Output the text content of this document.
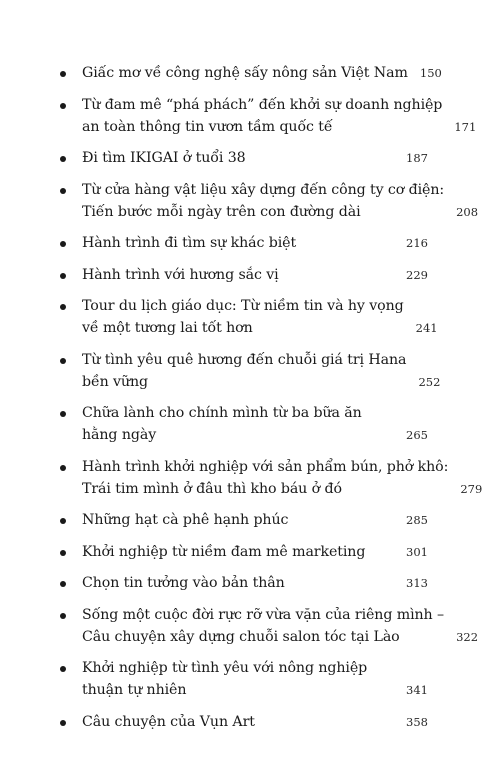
Giấc mơ về công nghệ sấy nông sản Việt Nam	150
Từ đam mê “phá phách” đến khởi sự doanh nghiệp
an toàn thông tin vươn tầm quốc tế	171
Đi tìm IKIGAI ở tuổi 38	187
Từ cửa hàng vật liệu xây dựng đến công ty cơ điện:
Tiến bước mỗi ngày trên con đường dài	208
Hành trình đi tìm sự khác biệt	216
Hành trình với hương sắc vị	229
Tour du lịch giáo dục: Từ niềm tin và hy vọng
về một tương lai tốt hơn	241
Từ tình yêu quê hương đến chuỗi giá trị Hana
bền vững	252
Chữa lành cho chính mình từ ba bữa ăn
hằng ngày	265
Hành trình khởi nghiệp với sản phẩm bún, phở khô:
Trái tim mình ở đâu thì kho báu ở đó	279
Những hạt cà phê hạnh phúc	285
Khởi nghiệp từ niềm đam mê marketing	301
Chọn tin tưởng vào bản thân	313
Sống một cuộc đời rực rỡ vừa vặn của riêng mình –
Câu chuyện xây dựng chuỗi salon tóc tại Lào	322
Khởi nghiệp từ tình yêu với nông nghiệp
thuận tự nhiên	341
Câu chuyện của Vụn Art	358
